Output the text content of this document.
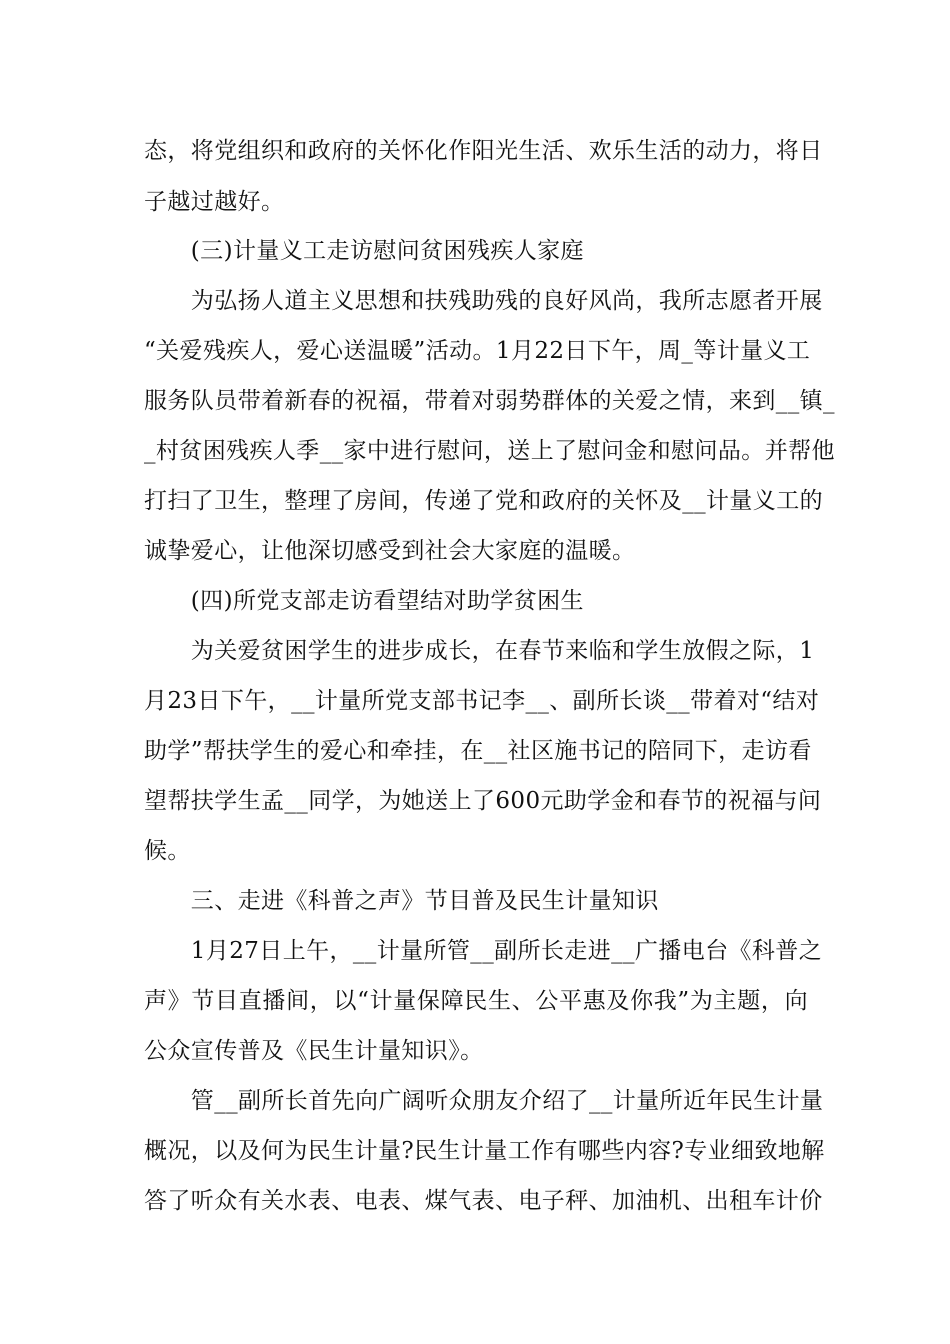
态，将党组织和政府的关怀化作阳光生活、欢乐生活的动力，将日
子越过越好。
　　(三)计量义工走访慰问贫困残疾人家庭
　　为弘扬人道主义思想和扶残助残的良好风尚，我所志愿者开展
“关爱残疾人，爱心送温暖”活动。1月22日下午，周_等计量义工
服务队员带着新春的祝福，带着对弱势群体的关爱之情，来到__镇_
_村贫困残疾人季__家中进行慰问，送上了慰问金和慰问品。并帮他
打扫了卫生，整理了房间，传递了党和政府的关怀及__计量义工的
诚挚爱心，让他深切感受到社会大家庭的温暖。
　　(四)所党支部走访看望结对助学贫困生
　　为关爱贫困学生的进步成长，在春节来临和学生放假之际，1
月23日下午，__计量所党支部书记李__、副所长谈__带着对“结对
助学”帮扶学生的爱心和牵挂，在__社区施书记的陪同下，走访看
望帮扶学生孟__同学，为她送上了600元助学金和春节的祝福与问
候。
　　三、走进《科普之声》节目普及民生计量知识
　　1月27日上午，__计量所管__副所长走进__广播电台《科普之
声》节目直播间，以“计量保障民生、公平惠及你我”为主题，向
公众宣传普及《民生计量知识》。
　　管__副所长首先向广阔听众朋友介绍了__计量所近年民生计量
概况，以及何为民生计量?民生计量工作有哪些内容?专业细致地解
答了听众有关水表、电表、煤气表、电子秤、加油机、出租车计价
